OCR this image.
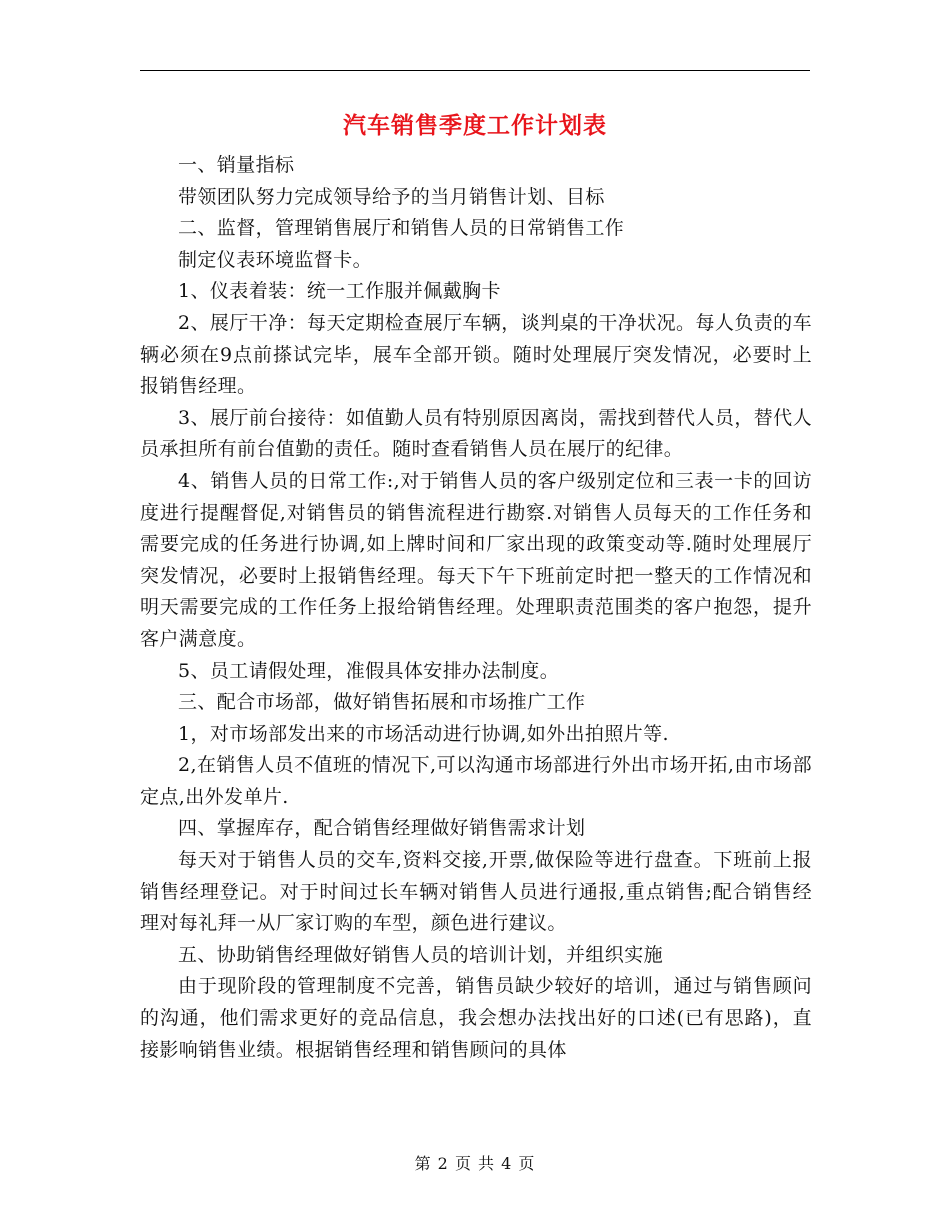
汽车销售季度工作计划表

一、销量指标

带领团队努力完成领导给予的当月销售计划、目标

二、监督，管理销售展厅和销售人员的日常销售工作

制定仪表环境监督卡。

1、仪表着装：统一工作服并佩戴胸卡

2、展厅干净：每天定期检查展厅车辆，谈判桌的干净状况。每人负责的车辆必须在9点前搽试完毕，展车全部开锁。随时处理展厅突发情况，必要时上报销售经理。

3、展厅前台接待：如值勤人员有特别原因离岗，需找到替代人员，替代人员承担所有前台值勤的责任。随时查看销售人员在展厅的纪律。

4、销售人员的日常工作:,对于销售人员的客户级别定位和三表一卡的回访度进行提醒督促,对销售员的销售流程进行勘察.对销售人员每天的工作任务和需要完成的任务进行协调,如上牌时间和厂家出现的政策变动等.随时处理展厅突发情况，必要时上报销售经理。每天下午下班前定时把一整天的工作情况和明天需要完成的工作任务上报给销售经理。处理职责范围类的客户抱怨，提升客户满意度。

5、员工请假处理，准假具体安排办法制度。

三、配合市场部，做好销售拓展和市场推广工作

1，对市场部发出来的市场活动进行协调,如外出拍照片等.

2,在销售人员不值班的情况下,可以沟通市场部进行外出市场开拓,由市场部定点,出外发单片.

四、掌握库存，配合销售经理做好销售需求计划

每天对于销售人员的交车,资料交接,开票,做保险等进行盘查。下班前上报销售经理登记。对于时间过长车辆对销售人员进行通报,重点销售;配合销售经理对每礼拜一从厂家订购的车型，颜色进行建议。

五、协助销售经理做好销售人员的培训计划，并组织实施

由于现阶段的管理制度不完善，销售员缺少较好的培训，通过与销售顾问的沟通，他们需求更好的竞品信息，我会想办法找出好的口述(已有思路)，直接影响销售业绩。根据销售经理和销售顾问的具体

第 2 页 共 4 页
